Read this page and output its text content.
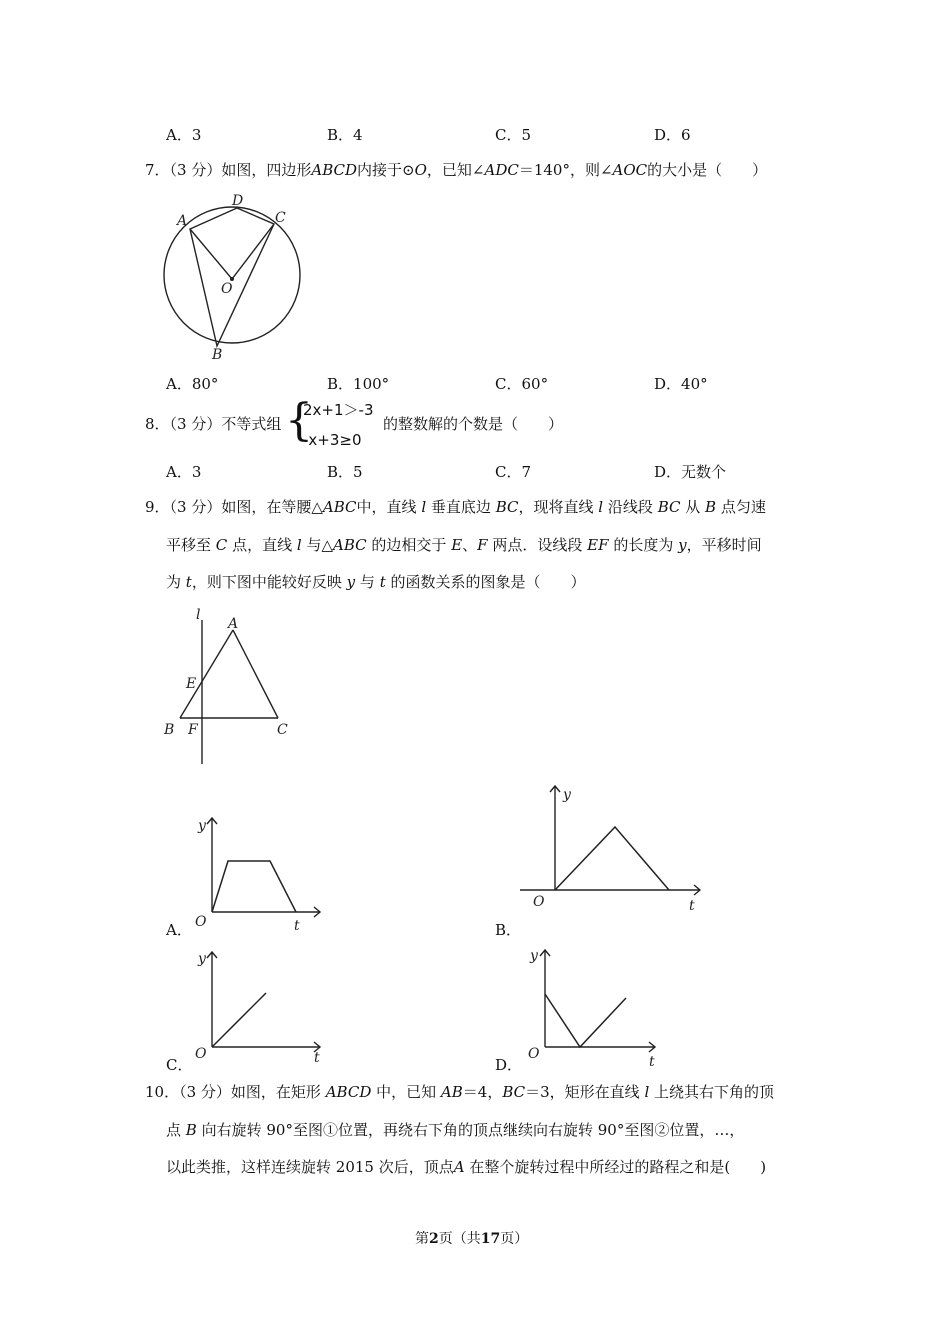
A．3	B．4	C．5	D．6
7．（3 分）如图，四边形ABCD内接于⊙O，已知∠ADC＝140°，则∠AOC的大小是（　　）
A
D
C
O
B
A．80°	B．100°	C．60°	D．40°
8．（3 分）不等式组 {
2x+1＞-3
-x+3≥0
的整数解的个数是（　　）
A．3	B．5	C．7	D．无数个
9．（3 分）如图，在等腰△ABC中，直线 l 垂直底边 BC，现将直线 l 沿线段 BC 从 B 点匀速
平移至 C 点，直线 l 与△ABC 的边相交于 E、F 两点．设线段 EF 的长度为 y，平移时间
为 t，则下图中能较好反映 y 与 t 的函数关系的图象是（　　）
l
A
E
B F	C
y
O	t
A．
y
O	t
B．
y
O	t
C．
y
O	t
D．
10．（3 分）如图，在矩形 ABCD 中，已知 AB＝4，BC＝3，矩形在直线 l 上绕其右下角的顶
点 B 向右旋转 90°至图①位置，再绕右下角的顶点继续向右旋转 90°至图②位置，…，
以此类推，这样连续旋转 2015 次后，顶点A 在整个旋转过程中所经过的路程之和是(　　)
第2页（共17页）
